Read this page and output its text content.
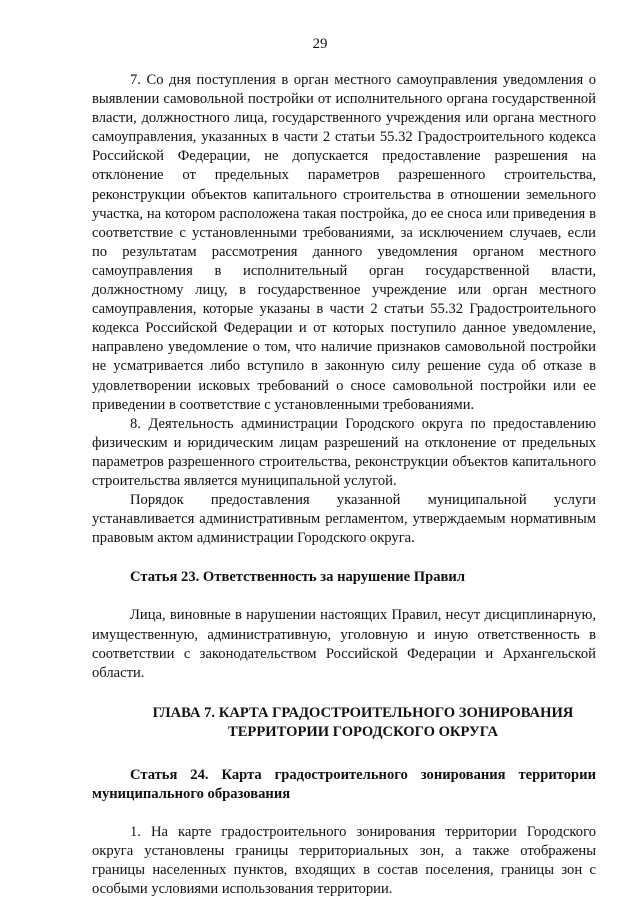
29

7. Со дня поступления в орган местного самоуправления уведомления о выявлении самовольной постройки от исполнительного органа государственной власти, должностного лица, государственного учреждения или органа местного самоуправления, указанных в части 2 статьи 55.32 Градостроительного кодекса Российской Федерации, не допускается предоставление разрешения на отклонение от предельных параметров разрешенного строительства, реконструкции объектов капитального строительства в отношении земельного участка, на котором расположена такая постройка, до ее сноса или приведения в соответствие с установленными требованиями, за исключением случаев, если по результатам рассмотрения данного уведомления органом местного самоуправления в исполнительный орган государственной власти, должностному лицу, в государственное учреждение или орган местного самоуправления, которые указаны в части 2 статьи 55.32 Градостроительного кодекса Российской Федерации и от которых поступило данное уведомление, направлено уведомление о том, что наличие признаков самовольной постройки не усматривается либо вступило в законную силу решение суда об отказе в удовлетворении исковых требований о сносе самовольной постройки или ее приведении в соответствие с установленными требованиями.

8. Деятельность администрации Городского округа по предоставлению физическим и юридическим лицам разрешений на отклонение от предельных параметров разрешенного строительства, реконструкции объектов капитального строительства является муниципальной услугой.

Порядок предоставления указанной муниципальной услуги устанавливается административным регламентом, утверждаемым нормативным правовым актом администрации Городского округа.

Статья 23. Ответственность за нарушение Правил

Лица, виновные в нарушении настоящих Правил, несут дисциплинарную, имущественную, административную, уголовную и иную ответственность в соответствии с законодательством Российской Федерации и Архангельской области.

ГЛАВА 7. КАРТА ГРАДОСТРОИТЕЛЬНОГО ЗОНИРОВАНИЯ

ТЕРРИТОРИИ ГОРОДСКОГО ОКРУГА

Статья 24. Карта градостроительного зонирования территории муниципального образования

1. На карте градостроительного зонирования территории Городского округа установлены границы территориальных зон, а также отображены границы населенных пунктов, входящих в состав поселения, границы зон с особыми условиями использования территории.
